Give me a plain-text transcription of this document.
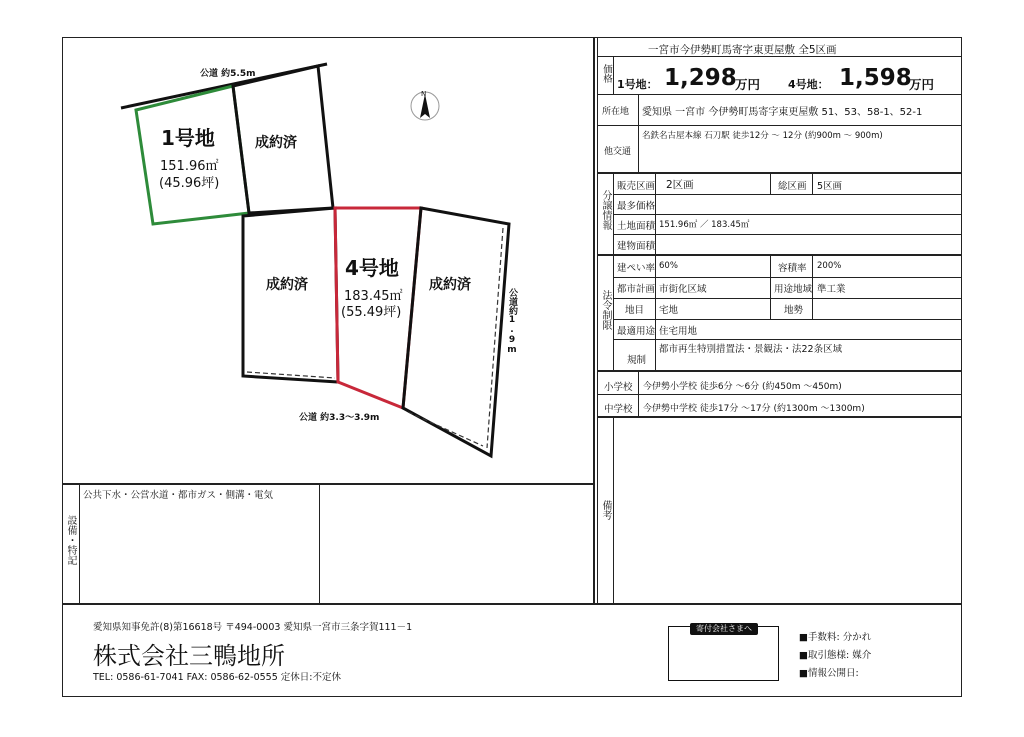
公道 約5.5m
N
1号地
151.96㎡
(45.96坪)
成約済
成約済
4号地
183.45㎡
(55.49坪)
成約済
公道 約3.3～3.9m
公道約1.9m
設備・特記
公共下水・公営水道・都市ガス・側溝・電気
一宮市今伊勢町馬寄字東更屋敷 全5区画
価格
1号地： 1,298
万円	4号地： 1,598
万円
所在地 愛知県 一宮市 今伊勢町馬寄字東更屋敷 51、53、58-1、52-1
他交通
名鉄名古屋本線 石刀駅 徒歩12分 ～ 12分 (約900m ～ 900m)
分譲情報
販売区画 2区画	総区画 5区画
最多価格
土地面積 151.96㎡ ／ 183.45㎡
建物面積
法令制限
建ぺい率 60%	容積率 200%
都市計画 市街化区域	用途地域 準工業
地目 宅地	地勢
最適用途 住宅用地
規制
都市再生特別措置法・景観法・法22条区域
小学校 今伊勢小学校 徒歩6分 ～6分 (約450m ～450m)
中学校 今伊勢中学校 徒歩17分 ～17分 (約1300m ～1300m)
備考
愛知県知事免許(8)第16618号 〒494-0003 愛知県一宮市三条字賀111－1
株式会社三鴨地所
TEL: 0586-61-7041 FAX: 0586-62-0555 定休日:不定休
寄付会社さまへ
■手数料: 分かれ
■取引態様: 媒介
■情報公開日:
